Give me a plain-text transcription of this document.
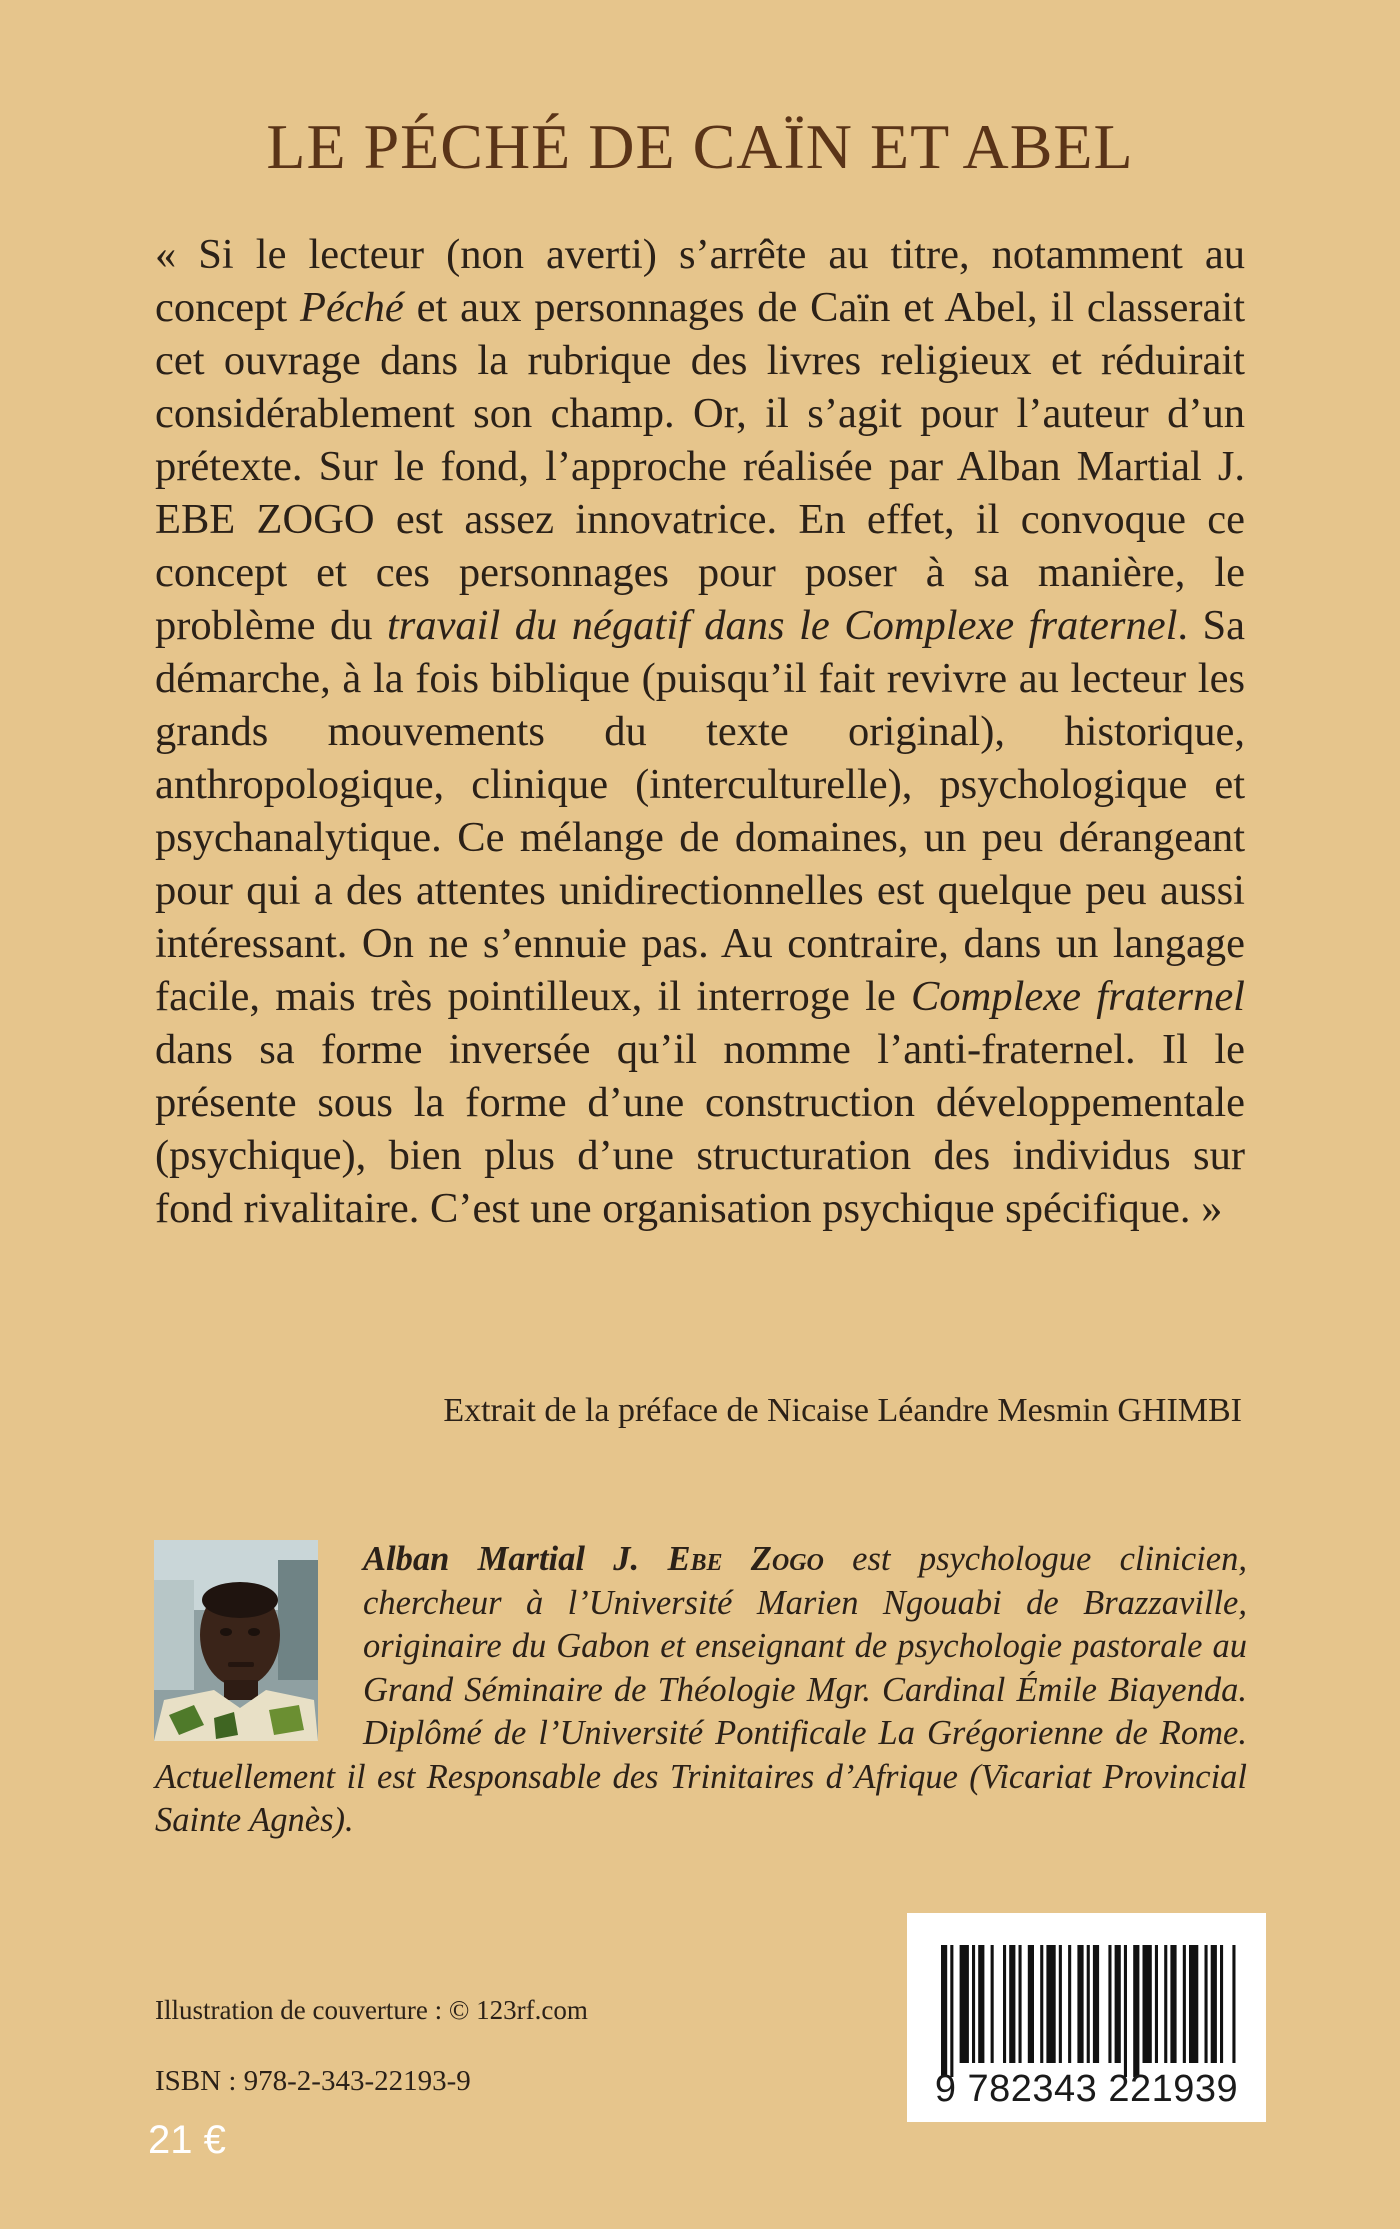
LE PÉCHÉ DE CAÏN ET ABEL

« Si le lecteur (non averti) s’arrête au titre, notamment au concept Péché et aux personnages de Caïn et Abel, il classerait cet ouvrage dans la rubrique des livres religieux et réduirait considérablement son champ. Or, il s’agit pour l’auteur d’un prétexte. Sur le fond, l’approche réalisée par Alban Martial J. EBE ZOGO est assez innovatrice. En effet, il convoque ce concept et ces personnages pour poser à sa manière, le problème du travail du négatif dans le Complexe fraternel. Sa démarche, à la fois biblique (puisqu’il fait revivre au lecteur les grands mouvements du texte original), historique, anthropologique, clinique (interculturelle), psychologique et psychanalytique. Ce mélange de domaines, un peu dérangeant pour qui a des attentes unidirectionnelles est quelque peu aussi intéressant. On ne s’ennuie pas. Au contraire, dans un langage facile, mais très pointilleux, il interroge le Complexe fraternel dans sa forme inversée qu’il nomme l’anti-fraternel. Il le présente sous la forme d’une construction développementale (psychique), bien plus d’une structuration des individus sur fond rivalitaire. C’est une organisation psychique spécifique. »

Extrait de la préface de Nicaise Léandre Mesmin GHIMBI

Alban Martial J. Ebe Zogo est psychologue clinicien, chercheur à l’Université Marien Ngouabi de Brazzaville, originaire du Gabon et enseignant de psychologie pastorale au Grand Séminaire de Théologie Mgr. Cardinal Émile Biayenda. Diplômé de l’Université Pontificale La Grégorienne de Rome. Actuellement il est Responsable des Trinitaires d’Afrique (Vicariat Provincial Sainte Agnès).

Illustration de couverture : © 123rf.com

ISBN : 978-2-343-22193-9

21 €

9 782343 221939
